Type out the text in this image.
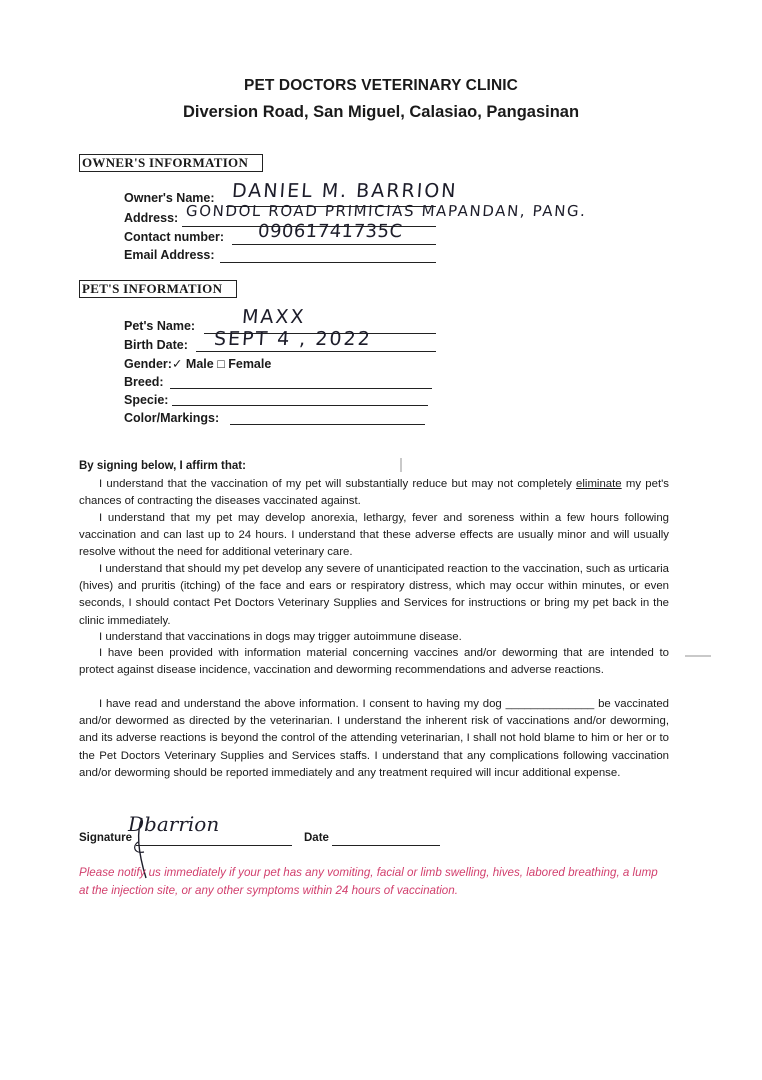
PET DOCTORS VETERINARY CLINIC
Diversion Road, San Miguel, Calasiao, Pangasinan
OWNER'S INFORMATION
Owner's Name: DANIEL M. BARRION
Address: GONDOL ROAD PRIMICIAS MAPANDAN, PANG.
Contact number: 09061741735C
Email Address:
PET'S INFORMATION
Pet's Name: MAXX
Birth Date: SEPT 4 , 2022
Gender:✓ Male □ Female
Breed:
Specie:
Color/Markings:
By signing below, I affirm that:

I understand that the vaccination of my pet will substantially reduce but may not completely eliminate my pet's chances of contracting the diseases vaccinated against.

I understand that my pet may develop anorexia, lethargy, fever and soreness within a few hours following vaccination and can last up to 24 hours. I understand that these adverse effects are usually minor and will usually resolve without the need for additional veterinary care.

I understand that should my pet develop any severe of unanticipated reaction to the vaccination, such as urticaria (hives) and pruritis (itching) of the face and ears or respiratory distress, which may occur within minutes, or even seconds, I should contact Pet Doctors Veterinary Supplies and Services for instructions or bring my pet back in the clinic immediately.

I understand that vaccinations in dogs may trigger autoimmune disease.

I have been provided with information material concerning vaccines and/or deworming that are intended to protect against disease incidence, vaccination and deworming recommendations and adverse reactions.

I have read and understand the above information. I consent to having my dog ______________ be vaccinated and/or dewormed as directed by the veterinarian. I understand the inherent risk of vaccinations and/or deworming, and its adverse reactions is beyond the control of the attending veterinarian, I shall not hold blame to him or her or to the Pet Doctors Veterinary Supplies and Services staffs. I understand that any complications following vaccination and/or deworming should be reported immediately and any treatment required will incur additional expense.

Signature
Dbarrion
Date

Please notify us immediately if your pet has any vomiting, facial or limb swelling, hives, labored breathing, a lump at the injection site, or any other symptoms within 24 hours of vaccination.
